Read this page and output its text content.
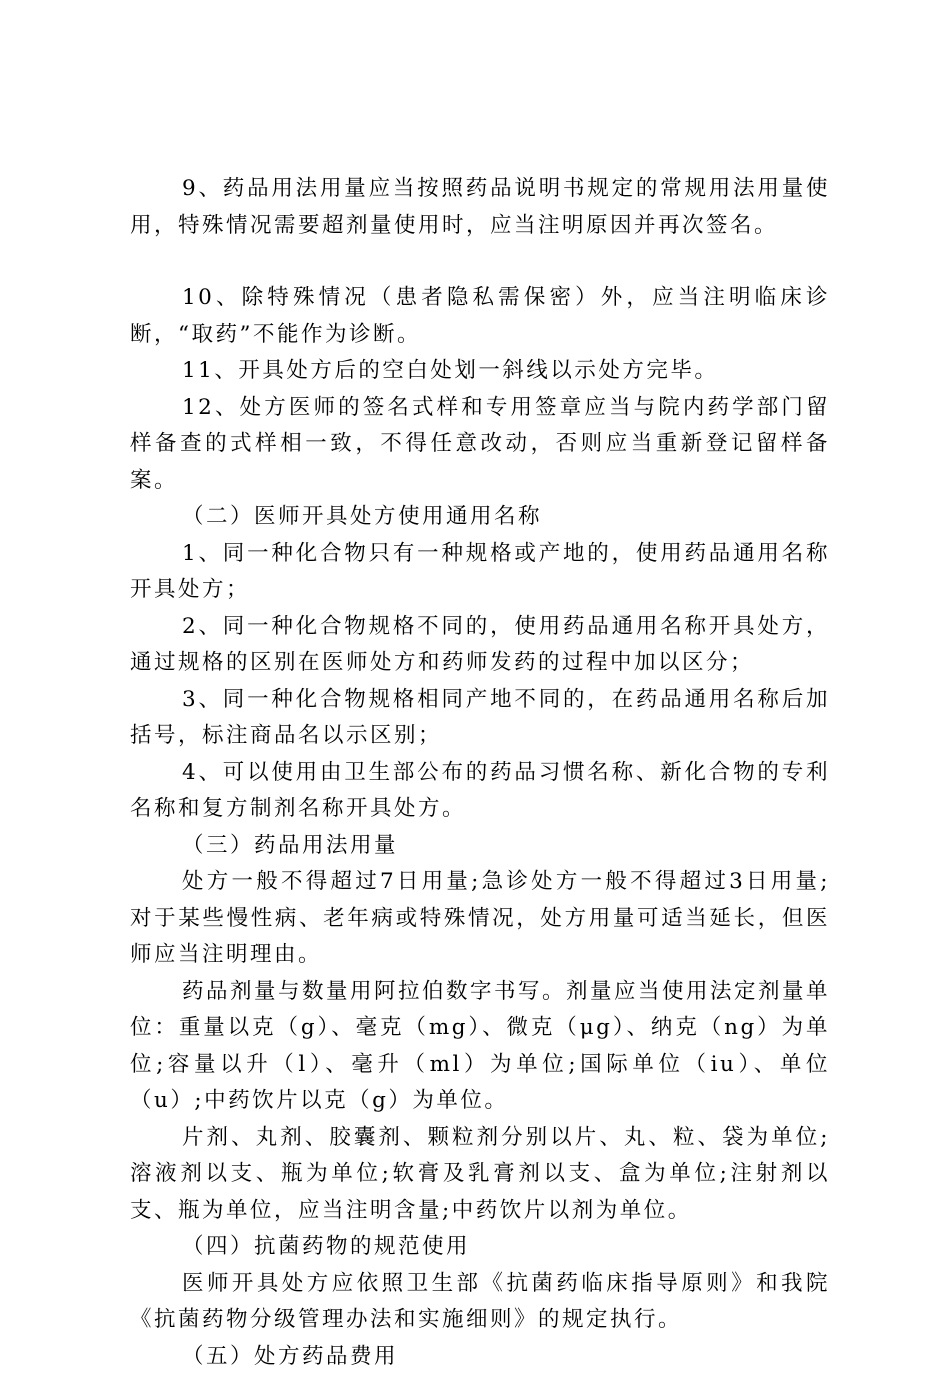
9、药品用法用量应当按照药品说明书规定的常规用法用量使用，特殊情况需要超剂量使用时，应当注明原因并再次签名。

10、除特殊情况（患者隐私需保密）外，应当注明临床诊断，“取药”不能作为诊断。

11、开具处方后的空白处划一斜线以示处方完毕。

12、处方医师的签名式样和专用签章应当与院内药学部门留样备查的式样相一致，不得任意改动，否则应当重新登记留样备案。

（二）医师开具处方使用通用名称

1、同一种化合物只有一种规格或产地的，使用药品通用名称开具处方；

2、同一种化合物规格不同的，使用药品通用名称开具处方，通过规格的区别在医师处方和药师发药的过程中加以区分；

3、同一种化合物规格相同产地不同的，在药品通用名称后加括号，标注商品名以示区别；

4、可以使用由卫生部公布的药品习惯名称、新化合物的专利名称和复方制剂名称开具处方。

（三）药品用法用量

处方一般不得超过7日用量;急诊处方一般不得超过3日用量;对于某些慢性病、老年病或特殊情况，处方用量可适当延长，但医师应当注明理由。

药品剂量与数量用阿拉伯数字书写。剂量应当使用法定剂量单位：重量以克（g）、毫克（mg）、微克（μg）、纳克（ng）为单位;容量以升（l）、毫升（ml）为单位;国际单位（iu）、单位（u）;中药饮片以克（g）为单位。

片剂、丸剂、胶囊剂、颗粒剂分别以片、丸、粒、袋为单位;溶液剂以支、瓶为单位;软膏及乳膏剂以支、盒为单位;注射剂以支、瓶为单位，应当注明含量;中药饮片以剂为单位。

（四）抗菌药物的规范使用

医师开具处方应依照卫生部《抗菌药临床指导原则》和我院《抗菌药物分级管理办法和实施细则》的规定执行。

（五）处方药品费用
